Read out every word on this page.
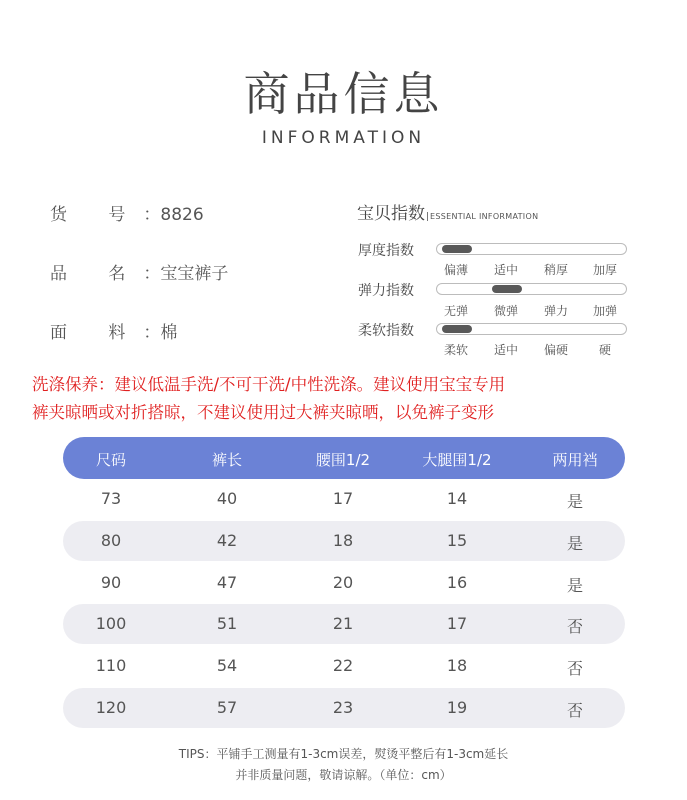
商品信息
INFORMATION
货 号：8826
品 名：宝宝裤子
面 料：棉
宝贝指数 ESSENTIAL INFORMATION
厚度指数
偏薄	适中	稍厚	加厚
弹力指数
无弹	微弹	弹力	加弹
柔软指数
柔软	适中	偏硬	硬
洗涤保养：建议低温手洗/不可干洗/中性洗涤。建议使用宝宝专用
裤夹晾晒或对折搭晾，不建议使用过大裤夹晾晒，以免裤子变形
尺码	裤长	腰围1/2	大腿围1/2	两用裆
73	40	17	14	是
80	42	18	15	是
90	47	20	16	是
100	51	21	17	否
110	54	22	18	否
120	57	23	19	否
TIPS：平铺手工测量有1-3cm误差，熨烫平整后有1-3cm延长
并非质量问题，敬请谅解。（单位：cm）
